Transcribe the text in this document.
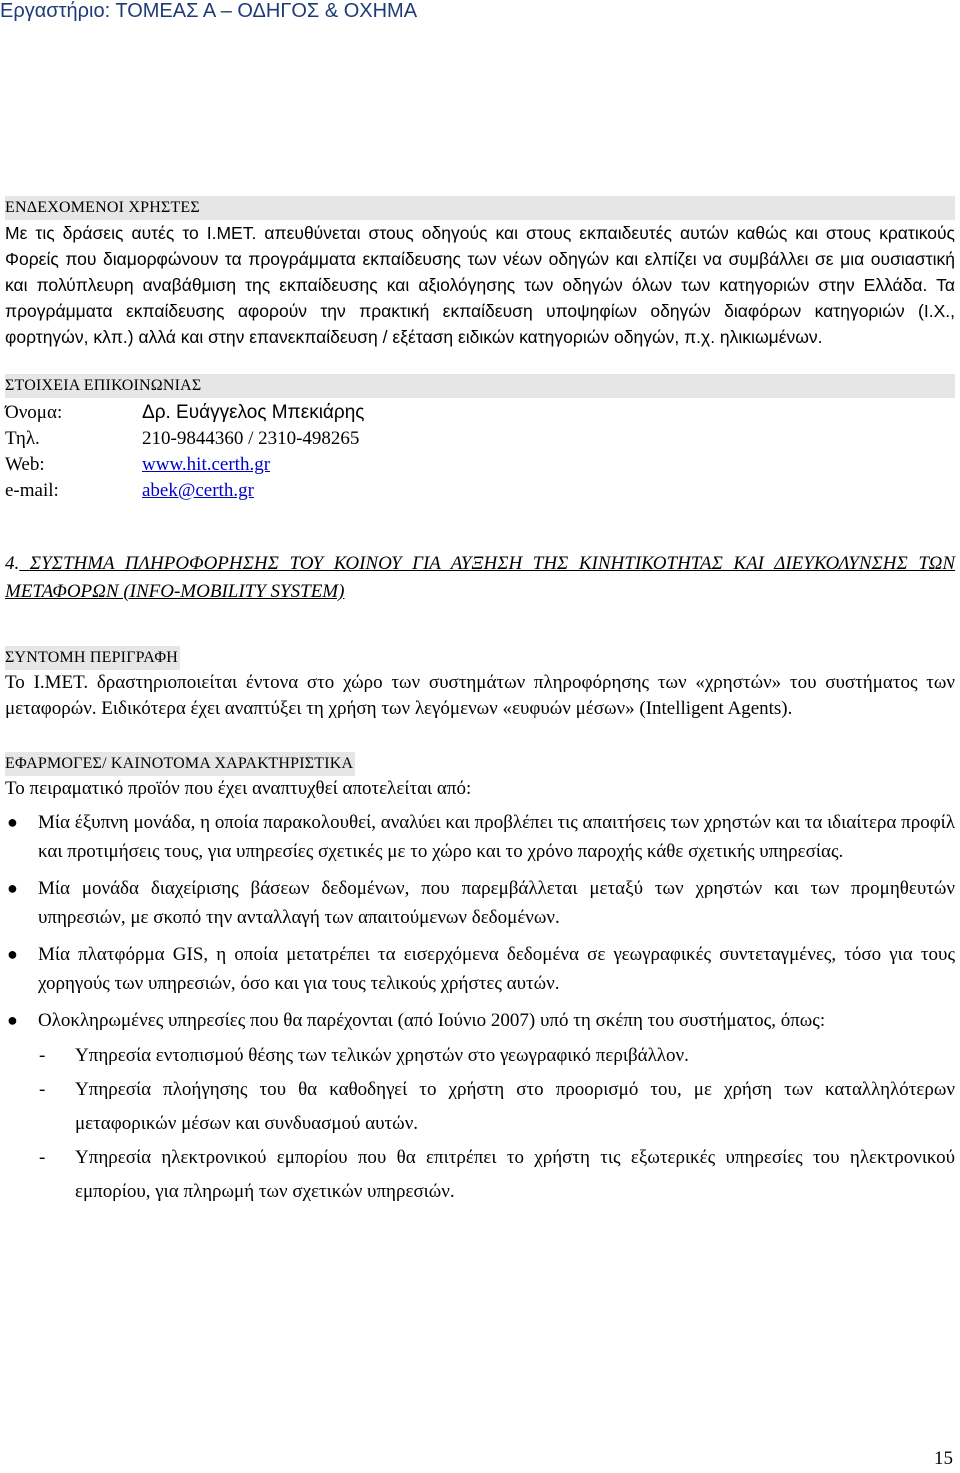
Εργαστήριο: ΤΟΜΕΑΣ Α – ΟΔΗΓΟΣ & ΟΧΗΜΑ
ΕΝΔΕΧΟΜΕΝΟΙ ΧΡΗΣΤΕΣ

Με τις δράσεις αυτές το Ι.ΜΕΤ. απευθύνεται στους οδηγούς και στους εκπαιδευτές αυτών καθώς και στους κρατικούς Φορείς που διαμορφώνουν τα προγράμματα εκπαίδευσης των νέων οδηγών και ελπίζει να συμβάλλει σε μια ουσιαστική και πολύπλευρη αναβάθμιση της εκπαίδευσης και αξιολόγησης των οδηγών όλων των κατηγοριών στην Ελλάδα. Τα προγράμματα εκπαίδευσης αφορούν την πρακτική εκπαίδευση υποψηφίων οδηγών διαφόρων κατηγοριών (Ι.Χ., φορτηγών, κλπ.) αλλά και στην επανεκπαίδευση / εξέταση ειδικών κατηγοριών οδηγών, π.χ. ηλικιωμένων.

ΣΤΟΙΧΕΙΑ ΕΠΙΚΟΙΝΩΝΙΑΣ
Όνομα:	Δρ. Ευάγγελος Μπεκιάρης
Τηλ.	210-9844360 / 2310-498265
Web:	www.hit.certh.gr
e-mail:	abek@certh.gr
4. ΣΥΣΤΗΜΑ ΠΛΗΡΟΦΟΡΗΣΗΣ ΤΟΥ ΚΟΙΝΟΥ ΓΙΑ ΑΥΞΗΣΗ ΤΗΣ ΚΙΝΗΤΙΚΟΤΗΤΑΣ ΚΑΙ ΔΙΕΥΚΟΛΥΝΣΗΣ ΤΩΝ ΜΕΤΑΦΟΡΩΝ (INFO-MOBILITY SYSTEM)
ΣΥΝΤΟΜΗ ΠΕΡΙΓΡΑΦΗ

Το Ι.ΜΕΤ. δραστηριοποιείται έντονα στο χώρο των συστημάτων πληροφόρησης των «χρηστών» του συστήματος των μεταφορών. Ειδικότερα έχει αναπτύξει τη χρήση των λεγόμενων «ευφυών μέσων» (Intelligent Agents).

ΕΦΑΡΜΟΓΕΣ/ ΚΑΙΝΟΤΟΜΑ ΧΑΡΑΚΤΗΡΙΣΤΙΚΑ

Το πειραματικό προϊόν που έχει αναπτυχθεί αποτελείται από:

● Μία έξυπνη μονάδα, η οποία παρακολουθεί, αναλύει και προβλέπει τις απαιτήσεις των χρηστών και τα ιδιαίτερα προφίλ και προτιμήσεις τους, για υπηρεσίες σχετικές με το χώρο και το χρόνο παροχής κάθε σχετικής υπηρεσίας.
● Μία μονάδα διαχείρισης βάσεων δεδομένων, που παρεμβάλλεται μεταξύ των χρηστών και των προμηθευτών υπηρεσιών, με σκοπό την ανταλλαγή των απαιτούμενων δεδομένων.
● Μία πλατφόρμα GIS, η οποία μετατρέπει τα εισερχόμενα δεδομένα σε γεωγραφικές συντεταγμένες, τόσο για τους χορηγούς των υπηρεσιών, όσο και για τους τελικούς χρήστες αυτών.
● Ολοκληρωμένες υπηρεσίες που θα παρέχονται (από Ιούνιο 2007) υπό τη σκέπη του συστήματος, όπως:
- Υπηρεσία εντοπισμού θέσης των τελικών χρηστών στο γεωγραφικό περιβάλλον.
- Υπηρεσία πλοήγησης του θα καθοδηγεί το χρήστη στο προορισμό του, με χρήση των καταλληλότερων μεταφορικών μέσων και συνδυασμού αυτών.
- Υπηρεσία ηλεκτρονικού εμπορίου που θα επιτρέπει το χρήστη τις εξωτερικές υπηρεσίες του ηλεκτρονικού εμπορίου, για πληρωμή των σχετικών υπηρεσιών.
15
